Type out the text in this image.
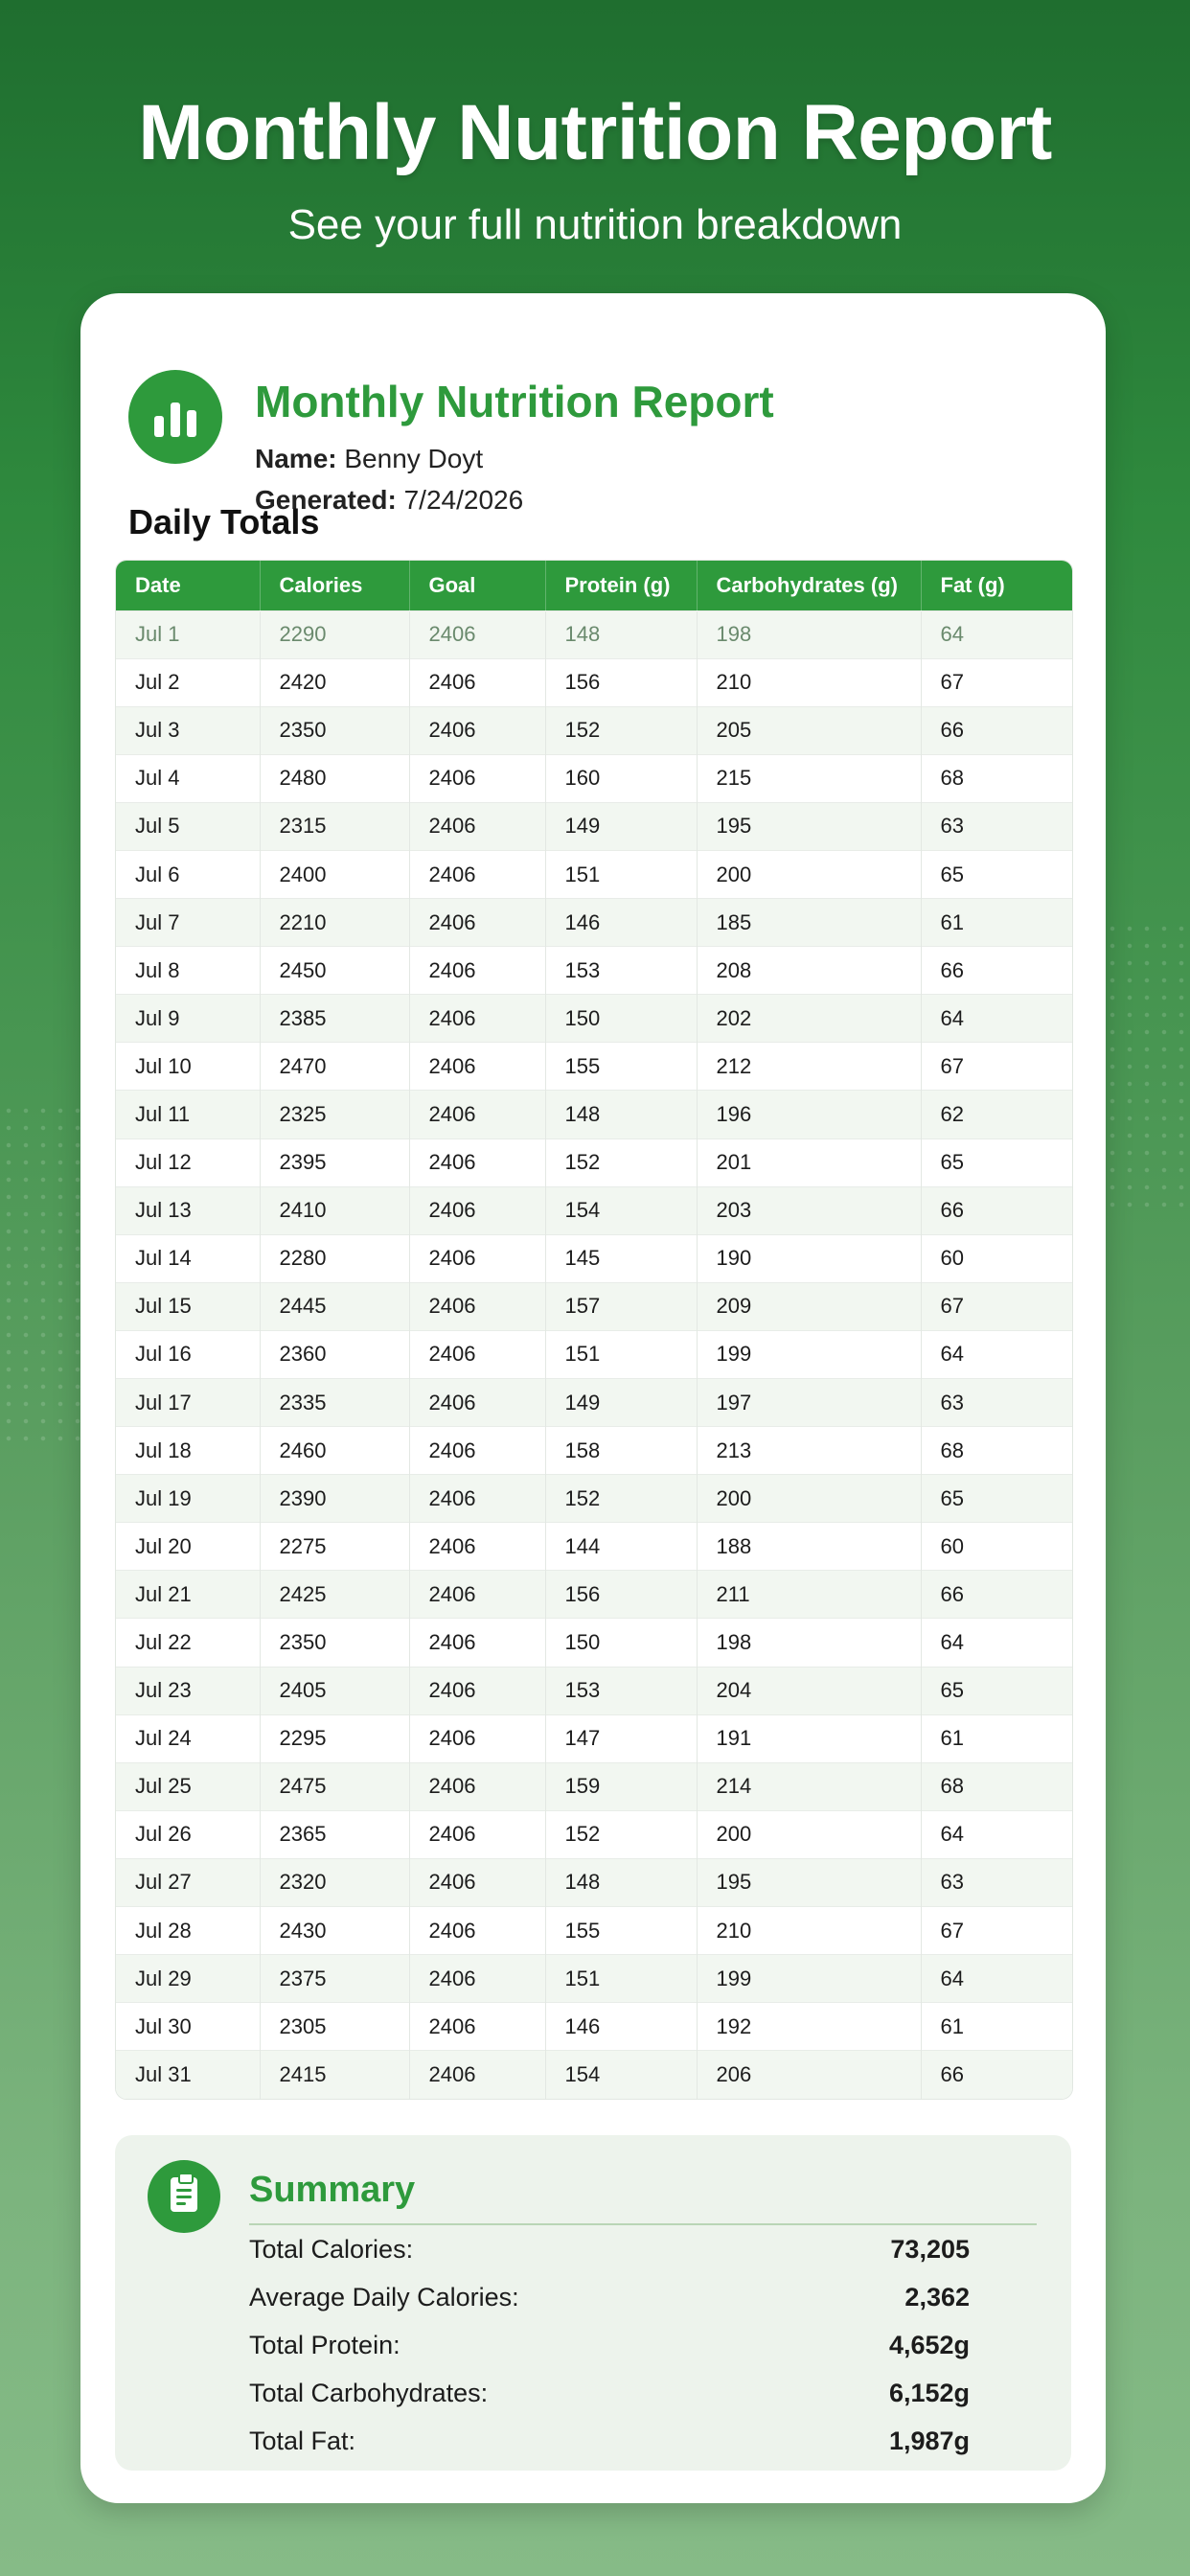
Monthly Nutrition Report

See your full nutrition breakdown

Monthly Nutrition Report
Name: Benny Doyt
Generated: 7/24/2026
Daily Totals
Date	Calories	Goal	Protein (g)	Carbohydrates (g)	Fat (g)
Jul 1	2290	2406	148	198	64
Jul 2	2420	2406	156	210	67
Jul 3	2350	2406	152	205	66
Jul 4	2480	2406	160	215	68
Jul 5	2315	2406	149	195	63
Jul 6	2400	2406	151	200	65
Jul 7	2210	2406	146	185	61
Jul 8	2450	2406	153	208	66
Jul 9	2385	2406	150	202	64
Jul 10	2470	2406	155	212	67
Jul 11	2325	2406	148	196	62
Jul 12	2395	2406	152	201	65
Jul 13	2410	2406	154	203	66
Jul 14	2280	2406	145	190	60
Jul 15	2445	2406	157	209	67
Jul 16	2360	2406	151	199	64
Jul 17	2335	2406	149	197	63
Jul 18	2460	2406	158	213	68
Jul 19	2390	2406	152	200	65
Jul 20	2275	2406	144	188	60
Jul 21	2425	2406	156	211	66
Jul 22	2350	2406	150	198	64
Jul 23	2405	2406	153	204	65
Jul 24	2295	2406	147	191	61
Jul 25	2475	2406	159	214	68
Jul 26	2365	2406	152	200	64
Jul 27	2320	2406	148	195	63
Jul 28	2430	2406	155	210	67
Jul 29	2375	2406	151	199	64
Jul 30	2305	2406	146	192	61
Jul 31	2415	2406	154	206	66
Summary
Total Calories:	73,205
Average Daily Calories:	2,362
Total Protein:	4,652g
Total Carbohydrates:	6,152g
Total Fat:	1,987g
